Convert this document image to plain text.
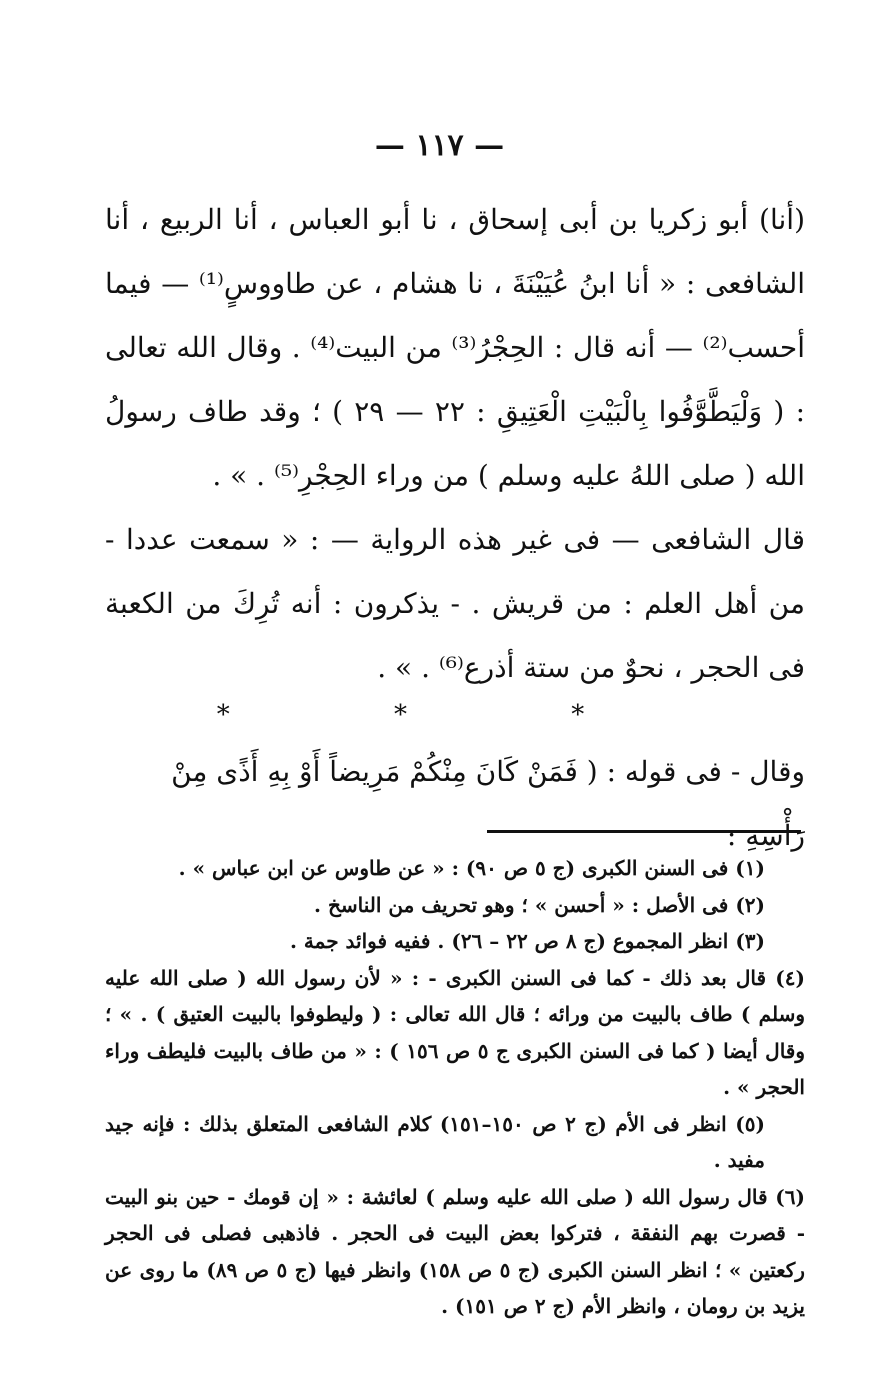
— ١١٧ —
(أنا) أبو زكريا بن أبى إسحاق ، نا أبو العباس ، أنا الربيع ، أنا الشافعى : « أنا ابنُ عُيَيْنَةَ ، نا هشام ، عن طاووسٍ⁽¹⁾ — فيما أحسب⁽²⁾ — أنه قال : الحِجْرُ⁽³⁾ من البيت⁽⁴⁾ . وقال الله تعالى : ( وَلْيَطَّوَّفُوا بِالْبَيْتِ الْعَتِيقِ : ٢٢ — ٢٩ ) ؛ وقد طاف رسولُ الله ( صلى اللهُ عليه وسلم ) من وراء الحِجْرِ⁽⁵⁾ . » .
قال الشافعى — فى غير هذه الرواية — : « سمعت عددا - من أهل العلم : من قريش . - يذكرون : أنه تُرِكَ من الكعبة فى الحجر ، نحوٌ من ستة أذرع⁽⁶⁾ . » .
* * *
وقال - فى قوله : ( فَمَنْ كَانَ مِنْكُمْ مَرِيضاً أَوْ بِهِ أَذًى مِنْ رَأْسِهِ :

(١) فى السنن الكبرى (ج ٥ ص ٩٠) : « عن طاوس عن ابن عباس » .

(٢) فى الأصل : « أحسن » ؛ وهو تحريف من الناسخ .

(٣) انظر المجموع (ج ٨ ص ٢٢ – ٢٦) . ففيه فوائد جمة .

(٤) قال بعد ذلك - كما فى السنن الكبرى - : « لأن رسول الله ( صلى الله عليه وسلم ) طاف بالبيت من ورائه ؛ قال الله تعالى : ( وليطوفوا بالبيت العتيق ) . » ؛ وقال أيضا ( كما فى السنن الكبرى ج ٥ ص ١٥٦ ) : « من طاف بالبيت فليطف وراء الحجر » .

(٥) انظر فى الأم (ج ٢ ص ١٥٠–١٥١) كلام الشافعى المتعلق بذلك : فإنه جيد مفيد .

(٦) قال رسول الله ( صلى الله عليه وسلم ) لعائشة : « إن قومك - حين بنو البيت - قصرت بهم النفقة ، فتركوا بعض البيت فى الحجر . فاذهبى فصلى فى الحجر ركعتين » ؛ انظر السنن الكبرى (ج ٥ ص ١٥٨) وانظر فيها (ج ٥ ص ٨٩) ما روى عن يزيد بن رومان ، وانظر الأم (ج ٢ ص ١٥١) .
